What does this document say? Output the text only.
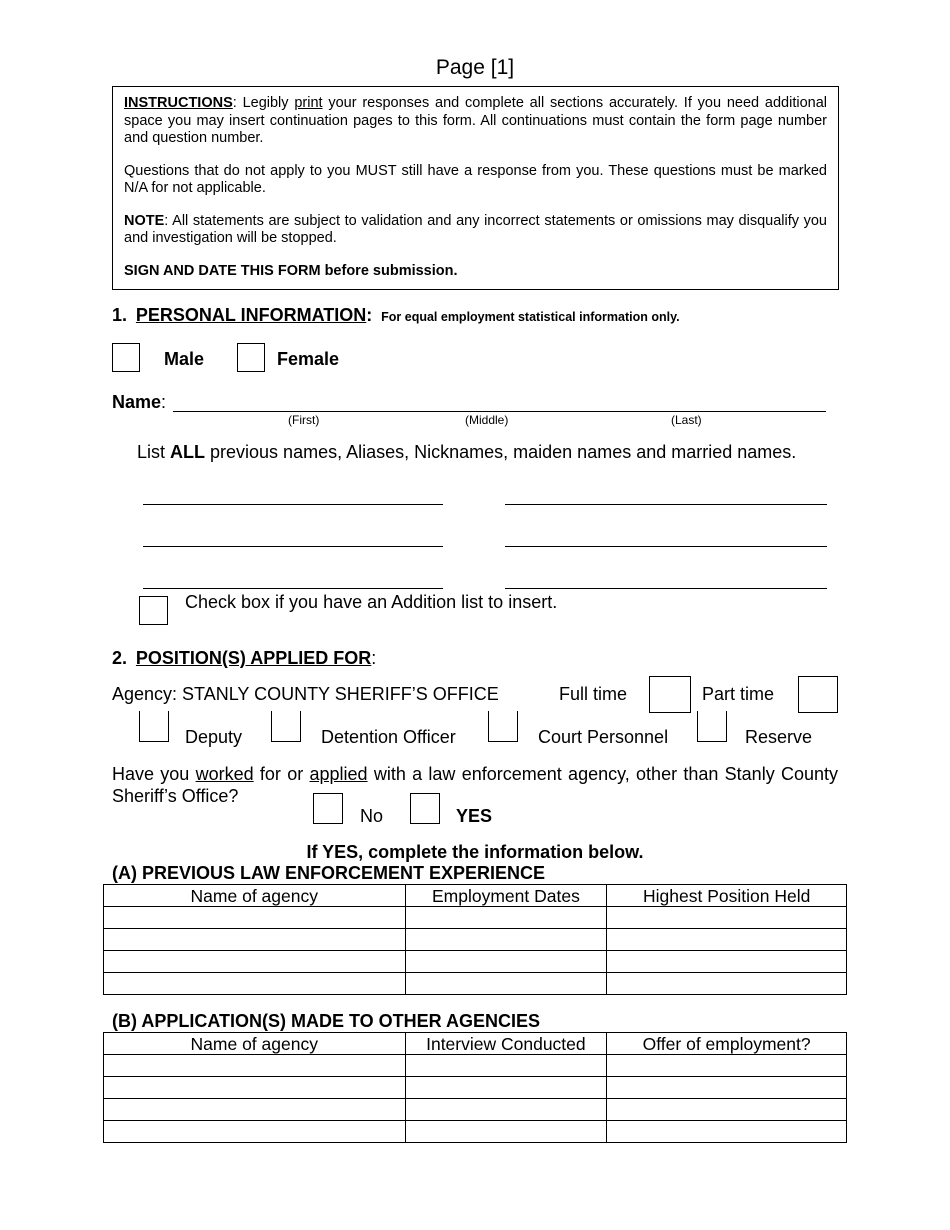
Page [1]

INSTRUCTIONS: Legibly print your responses and complete all sections accurately. If you need additional space you may insert continuation pages to this form. All continuations must contain the form page number and question number.

Questions that do not apply to you MUST still have a response from you. These questions must be marked N/A for not applicable.

NOTE: All statements are subject to validation and any incorrect statements or omissions may disqualify you and investigation will be stopped.

SIGN AND DATE THIS FORM before submission.

1. PERSONAL INFORMATION: For equal employment statistical information only.
Male	Female
Name:
(First)	(Middle)	(Last)
List ALL previous names, Aliases, Nicknames, maiden names and married names.
Check box if you have an Addition list to insert.
2. POSITION(S) APPLIED FOR:
Agency: STANLY COUNTY SHERIFF’S OFFICE	Full time	Part time
Deputy	Detention Officer	Court Personnel	Reserve
Have you worked for or applied with a law enforcement agency, other than Stanly County Sheriff’s Office?
No	YES
If YES, complete the information below.
(A) PREVIOUS LAW ENFORCEMENT EXPERIENCE
Name of agency	Employment Dates	Highest Position Held

(B) APPLICATION(S) MADE TO OTHER AGENCIES
Name of agency	Interview Conducted	Offer of employment?
